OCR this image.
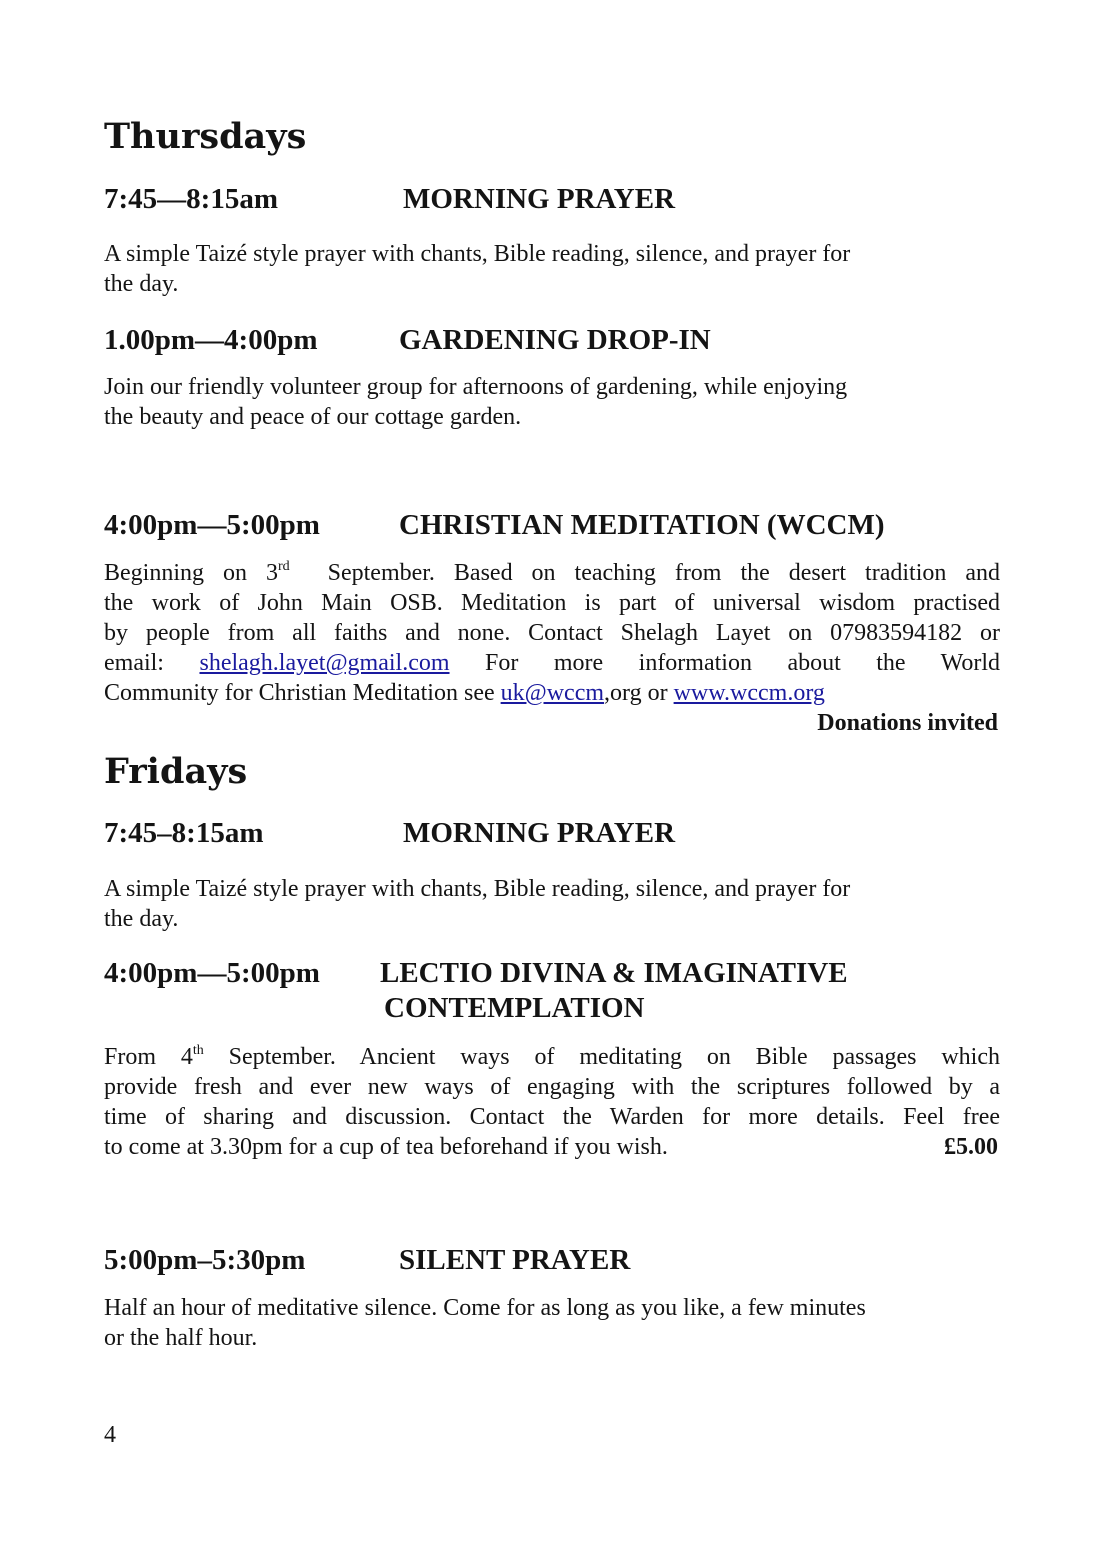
Thursdays
7:45—8:15am	MORNING PRAYER

A simple Taizé style prayer with chants, Bible reading, silence, and prayer for
the day.

1.00pm—4:00pm	GARDENING DROP-IN

Join our friendly volunteer group for afternoons of gardening, while enjoying
the beauty and peace of our cottage garden.

4:00pm—5:00pm	CHRISTIAN MEDITATION (WCCM)
Beginning on 3rd September. Based on teaching from the desert tradition and
the work of John Main OSB. Meditation is part of universal wisdom practised
by people from all faiths and none. Contact Shelagh Layet on 07983594182 or
email: shelagh.layet@gmail.com For more information about the World
Community for Christian Meditation see uk@wccm,org or www.wccm.org
Donations invited
Fridays
7:45–8:15am	MORNING PRAYER

A simple Taizé style prayer with chants, Bible reading, silence, and prayer for
the day.

4:00pm—5:00pm LECTIO DIVINA & IMAGINATIVE
CONTEMPLATION
From 4th September. Ancient ways of meditating on Bible passages which
provide fresh and ever new ways of engaging with the scriptures followed by a
time of sharing and discussion. Contact the Warden for more details. Feel free
to come at 3.30pm for a cup of tea beforehand if you wish.	£5.00
5:00pm–5:30pm	SILENT PRAYER

Half an hour of meditative silence. Come for as long as you like, a few minutes
or the half hour.

4
